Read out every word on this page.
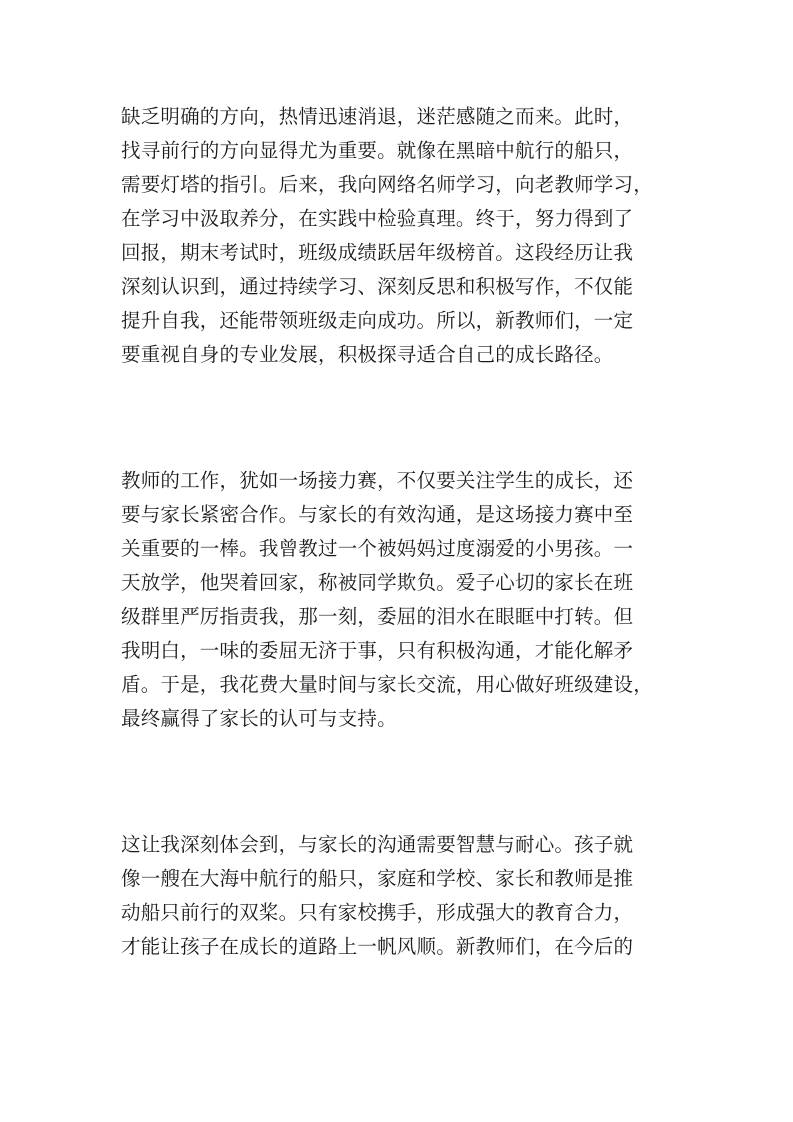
缺乏明确的方向，热情迅速消退，迷茫感随之而来。此时，
找寻前行的方向显得尤为重要。就像在黑暗中航行的船只，
需要灯塔的指引。后来，我向网络名师学习，向老教师学习，
在学习中汲取养分，在实践中检验真理。终于，努力得到了
回报，期末考试时，班级成绩跃居年级榜首。这段经历让我
深刻认识到，通过持续学习、深刻反思和积极写作，不仅能
提升自我，还能带领班级走向成功。所以，新教师们，一定
要重视自身的专业发展，积极探寻适合自己的成长路径。
教师的工作，犹如一场接力赛，不仅要关注学生的成长，还
要与家长紧密合作。与家长的有效沟通，是这场接力赛中至
关重要的一棒。我曾教过一个被妈妈过度溺爱的小男孩。一
天放学，他哭着回家，称被同学欺负。爱子心切的家长在班
级群里严厉指责我，那一刻，委屈的泪水在眼眶中打转。但
我明白，一味的委屈无济于事，只有积极沟通，才能化解矛
盾。于是，我花费大量时间与家长交流，用心做好班级建设，
最终赢得了家长的认可与支持。
这让我深刻体会到，与家长的沟通需要智慧与耐心。孩子就
像一艘在大海中航行的船只，家庭和学校、家长和教师是推
动船只前行的双桨。只有家校携手，形成强大的教育合力，
才能让孩子在成长的道路上一帆风顺。新教师们，在今后的
